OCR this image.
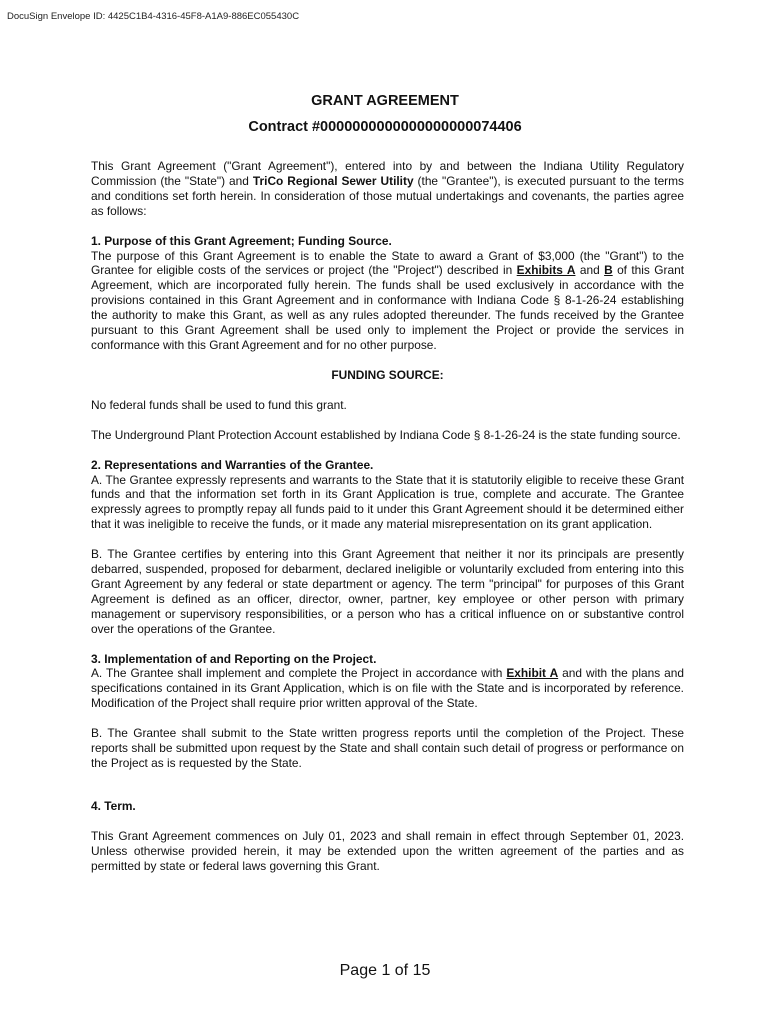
DocuSign Envelope ID: 4425C1B4-4316-45F8-A1A9-886EC055430C
GRANT AGREEMENT
Contract #0000000000000000000074406

This Grant Agreement ("Grant Agreement"), entered into by and between the Indiana Utility Regulatory Commission (the "State") and TriCo Regional Sewer Utility (the "Grantee"), is executed pursuant to the terms and conditions set forth herein. In consideration of those mutual undertakings and covenants, the parties agree as follows:

1. Purpose of this Grant Agreement; Funding Source.

The purpose of this Grant Agreement is to enable the State to award a Grant of $3,000 (the "Grant") to the Grantee for eligible costs of the services or project (the "Project") described in Exhibits A and B of this Grant Agreement, which are incorporated fully herein. The funds shall be used exclusively in accordance with the provisions contained in this Grant Agreement and in conformance with Indiana Code § 8-1-26-24 establishing the authority to make this Grant, as well as any rules adopted thereunder. The funds received by the Grantee pursuant to this Grant Agreement shall be used only to implement the Project or provide the services in conformance with this Grant Agreement and for no other purpose.

FUNDING SOURCE:

No federal funds shall be used to fund this grant.

The Underground Plant Protection Account established by Indiana Code § 8-1-26-24 is the state funding source.

2. Representations and Warranties of the Grantee.

A. The Grantee expressly represents and warrants to the State that it is statutorily eligible to receive these Grant funds and that the information set forth in its Grant Application is true, complete and accurate. The Grantee expressly agrees to promptly repay all funds paid to it under this Grant Agreement should it be determined either that it was ineligible to receive the funds, or it made any material misrepresentation on its grant application.

B. The Grantee certifies by entering into this Grant Agreement that neither it nor its principals are presently debarred, suspended, proposed for debarment, declared ineligible or voluntarily excluded from entering into this Grant Agreement by any federal or state department or agency. The term "principal" for purposes of this Grant Agreement is defined as an officer, director, owner, partner, key employee or other person with primary management or supervisory responsibilities, or a person who has a critical influence on or substantive control over the operations of the Grantee.

3. Implementation of and Reporting on the Project.

A. The Grantee shall implement and complete the Project in accordance with Exhibit A and with the plans and specifications contained in its Grant Application, which is on file with the State and is incorporated by reference. Modification of the Project shall require prior written approval of the State.

B. The Grantee shall submit to the State written progress reports until the completion of the Project. These reports shall be submitted upon request by the State and shall contain such detail of progress or performance on the Project as is requested by the State.

4. Term.

This Grant Agreement commences on July 01, 2023 and shall remain in effect through September 01, 2023. Unless otherwise provided herein, it may be extended upon the written agreement of the parties and as permitted by state or federal laws governing this Grant.

Page 1 of 15
